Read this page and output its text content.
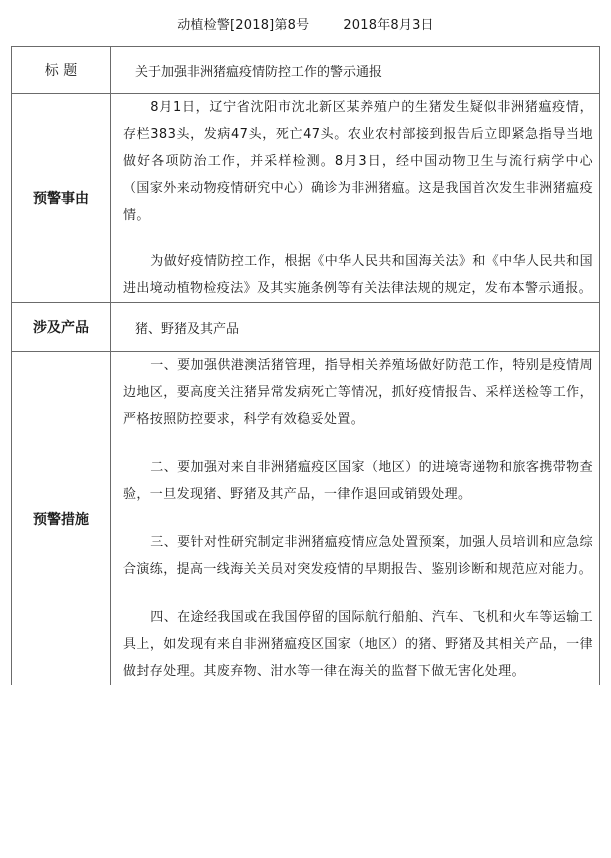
动植检警[2018]第8号	2018年8月3日
标 题	关于加强非洲猪瘟疫情防控工作的警示通报
预警事由	8月1日，辽宁省沈阳市沈北新区某养殖户的生猪发生疑似非洲猪瘟疫情，存栏383头，发病47头，死亡47头。农业农村部接到报告后立即紧急指导当地做好各项防治工作，并采样检测。8月3日，经中国动物卫生与流行病学中心（国家外来动物疫情研究中心）确诊为非洲猪瘟。这是我国首次发生非洲猪瘟疫情。

为做好疫情防控工作，根据《中华人民共和国海关法》和《中华人民共和国进出境动植物检疫法》及其实施条例等有关法律法规的规定，发布本警示通报。

涉及产品	猪、野猪及其产品
预警措施	一、要加强供港澳活猪管理，指导相关养殖场做好防范工作，特别是疫情周边地区，要高度关注猪异常发病死亡等情况，抓好疫情报告、采样送检等工作，严格按照防控要求，科学有效稳妥处置。

二、要加强对来自非洲猪瘟疫区国家（地区）的进境寄递物和旅客携带物查验，一旦发现猪、野猪及其产品，一律作退回或销毁处理。

三、要针对性研究制定非洲猪瘟疫情应急处置预案，加强人员培训和应急综合演练，提高一线海关关员对突发疫情的早期报告、鉴别诊断和规范应对能力。

四、在途经我国或在我国停留的国际航行船舶、汽车、飞机和火车等运输工具上，如发现有来自非洲猪瘟疫区国家（地区）的猪、野猪及其相关产品，一律做封存处理。其废弃物、泔水等一律在海关的监督下做无害化处理。
